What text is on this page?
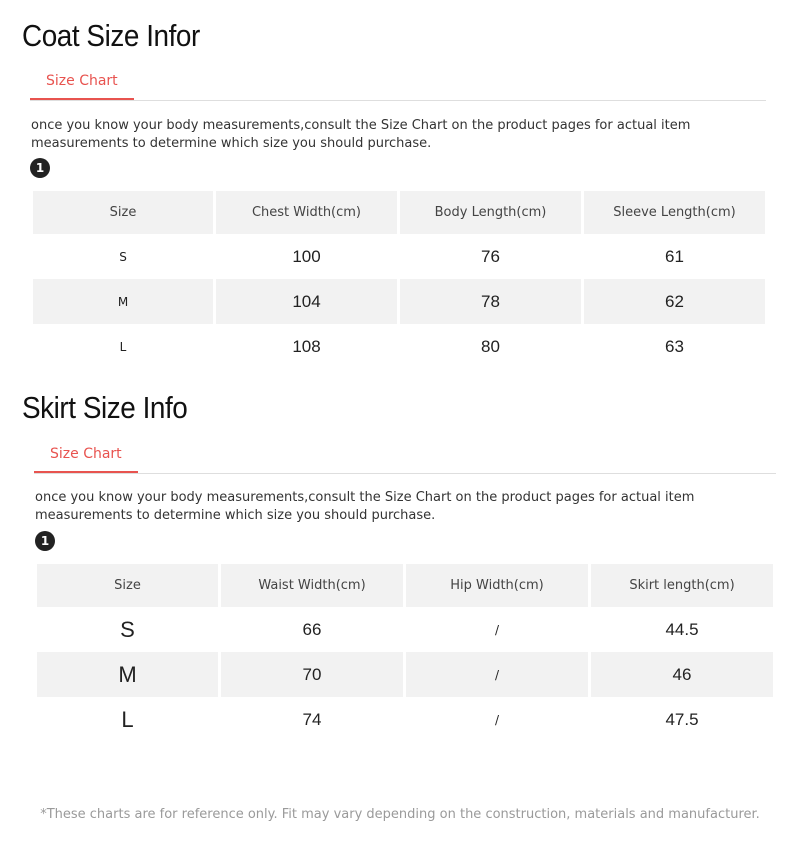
Coat Size Infor
Size Chart

once you know your body measurements,consult the Size Chart on the product pages for actual item measurements to determine which size you should purchase.

1
Size	Chest Width(cm)	Body Length(cm)	Sleeve Length(cm)
S	100	76	61
M	104	78	62
L	108	80	63
Skirt Size Info
Size Chart

once you know your body measurements,consult the Size Chart on the product pages for actual item measurements to determine which size you should purchase.

1
Size	Waist Width(cm)	Hip Width(cm)	Skirt length(cm)
S	66	/	44.5
M	70	/	46
L	74	/	47.5

*These charts are for reference only. Fit may vary depending on the construction, materials and manufacturer.
